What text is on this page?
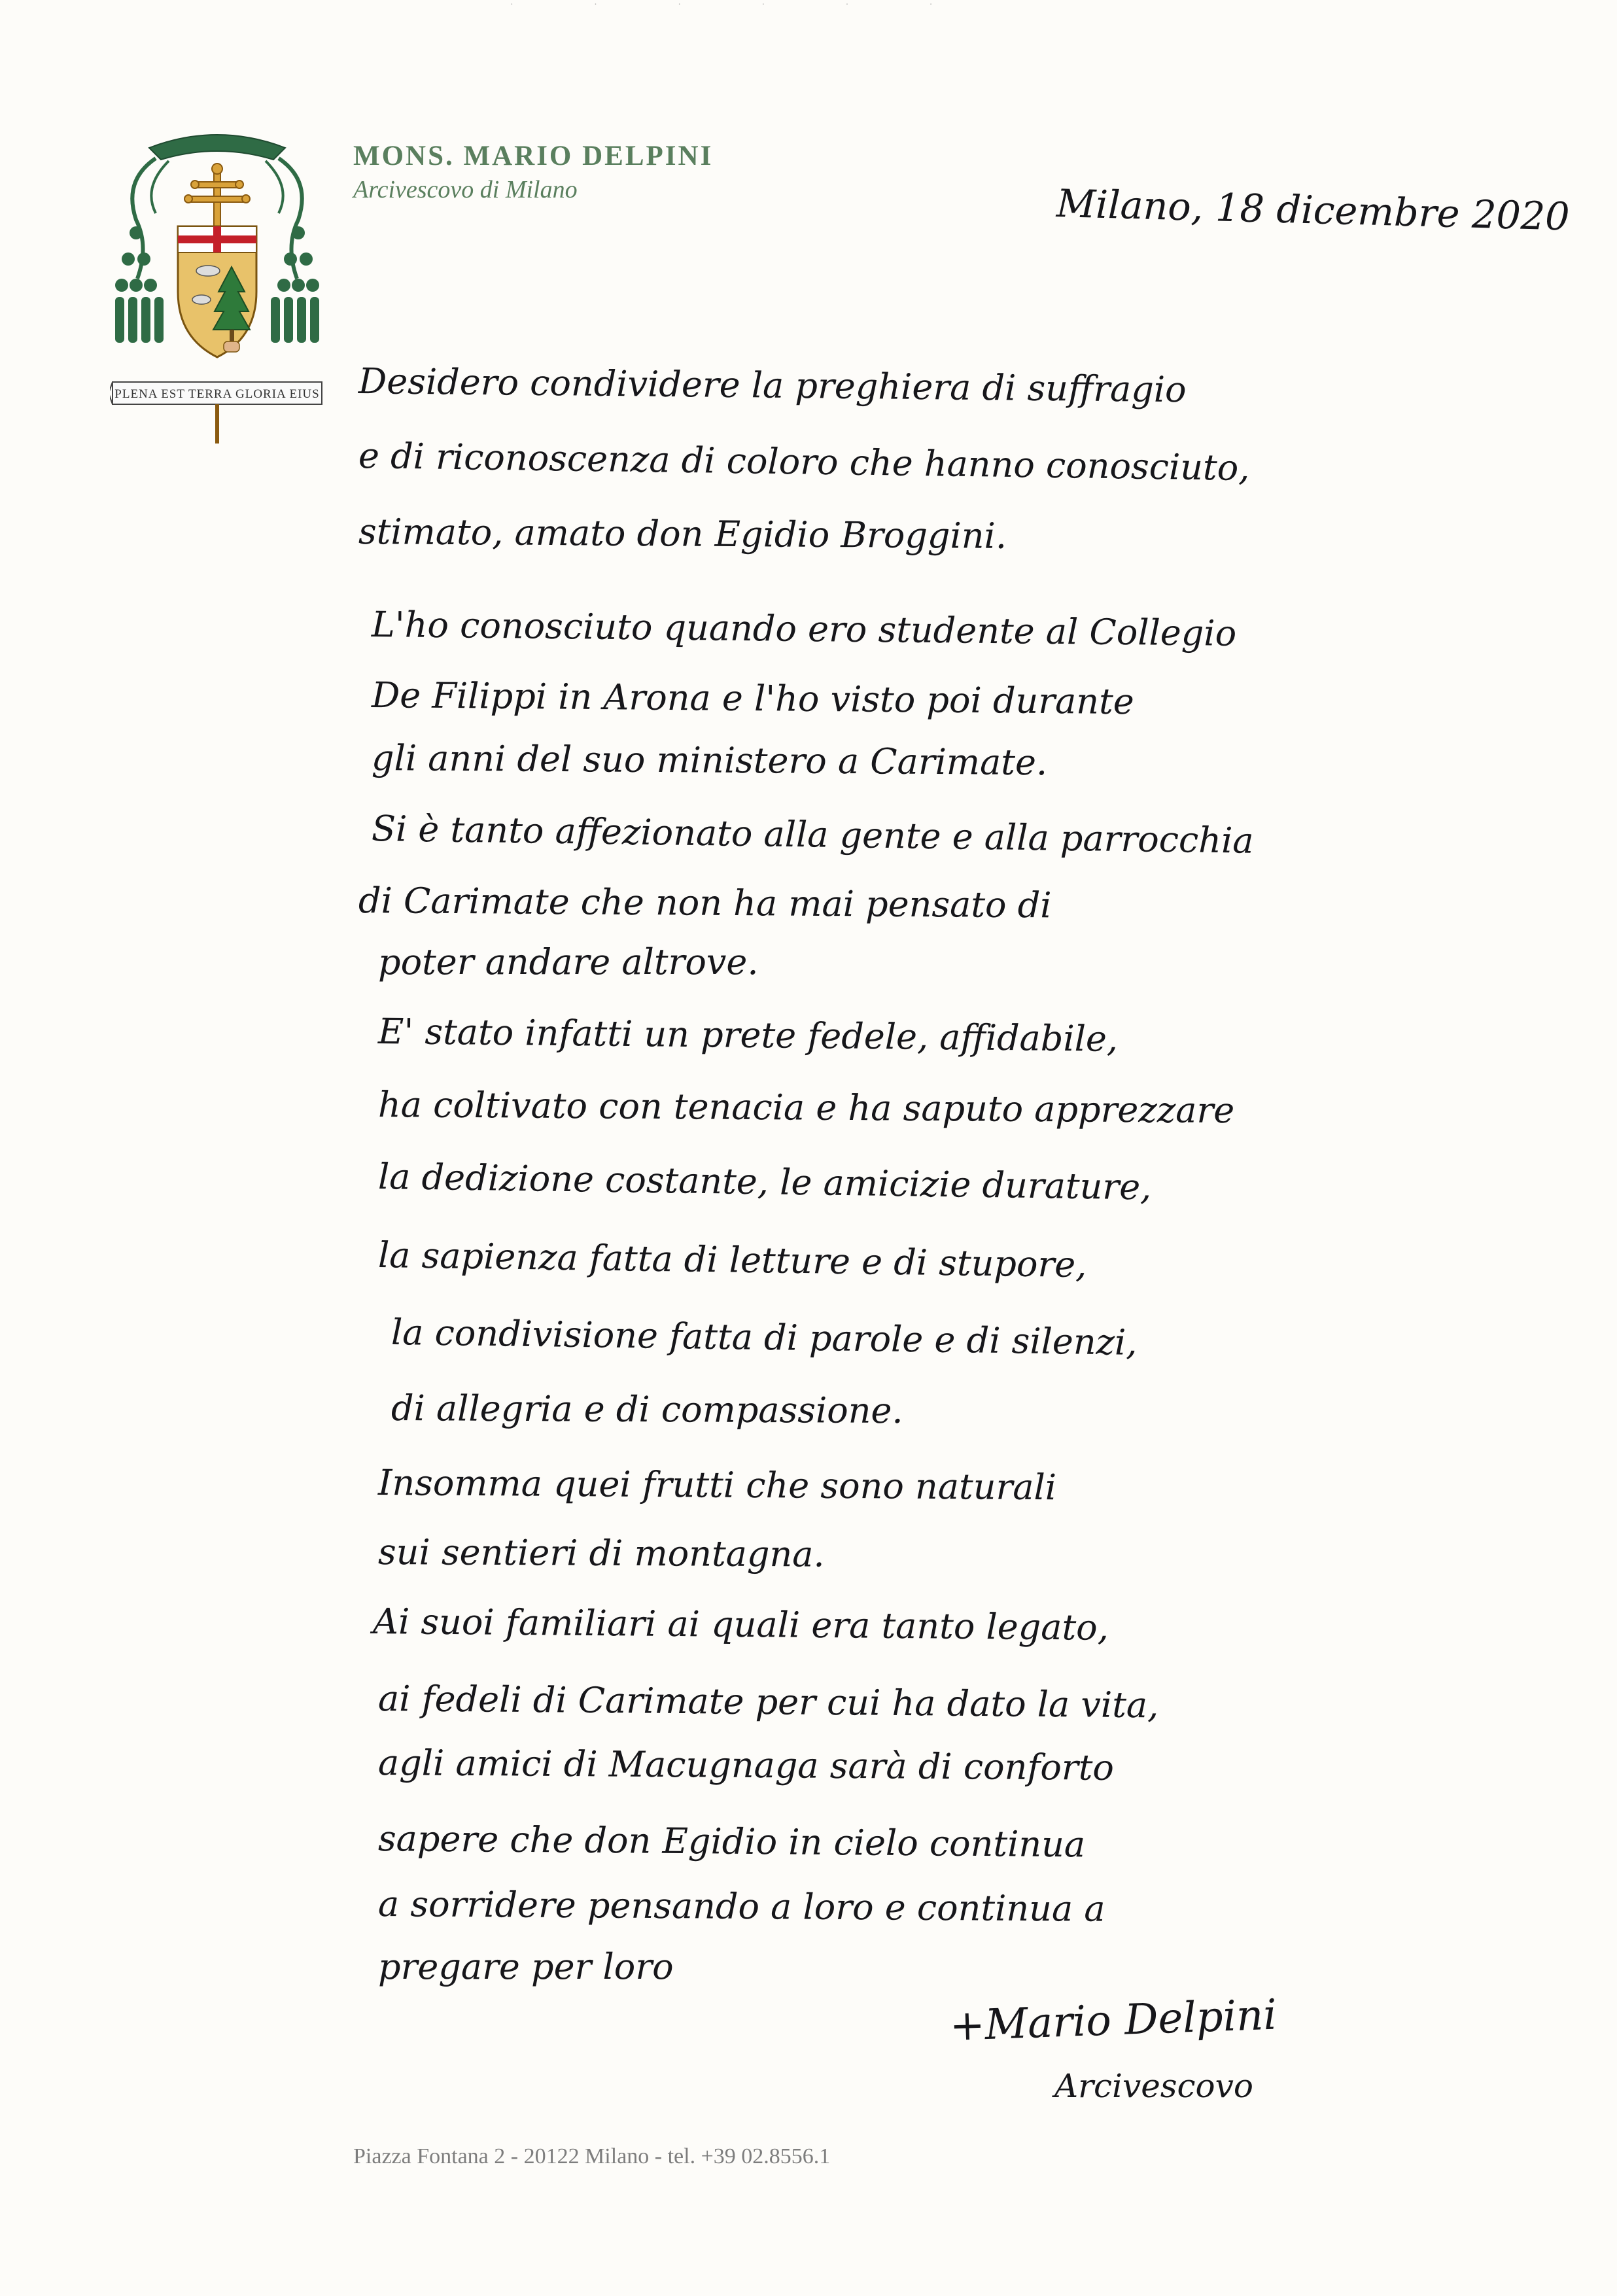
· · · · · ·
PLENA EST TERRA GLORIA EIUS
MONS. MARIO DELPINI
Arcivescovo di Milano	Milano, 18 dicembre 2020
Desidero condividere la preghiera di suffragio
e di riconoscenza di coloro che hanno conosciuto,
stimato, amato don Egidio Broggini.
L'ho conosciuto quando ero studente al Collegio
De Filippi in Arona e l'ho visto poi durante
gli anni del suo ministero a Carimate.
Si è tanto affezionato alla gente e alla parrocchia
di Carimate che non ha mai pensato di
poter andare altrove.
E' stato infatti un prete fedele, affidabile,
ha coltivato con tenacia e ha saputo apprezzare
la dedizione costante, le amicizie durature,
la sapienza fatta di letture e di stupore,
la condivisione fatta di parole e di silenzi,
di allegria e di compassione.
Insomma quei frutti che sono naturali
sui sentieri di montagna.
Ai suoi familiari ai quali era tanto legato,
ai fedeli di Carimate per cui ha dato la vita,
agli amici di Macugnaga sarà di conforto
sapere che don Egidio in cielo continua
a sorridere pensando a loro e continua a
pregare per loro
+Mario Delpini
Arcivescovo
Piazza Fontana 2 - 20122 Milano - tel. +39 02.8556.1
